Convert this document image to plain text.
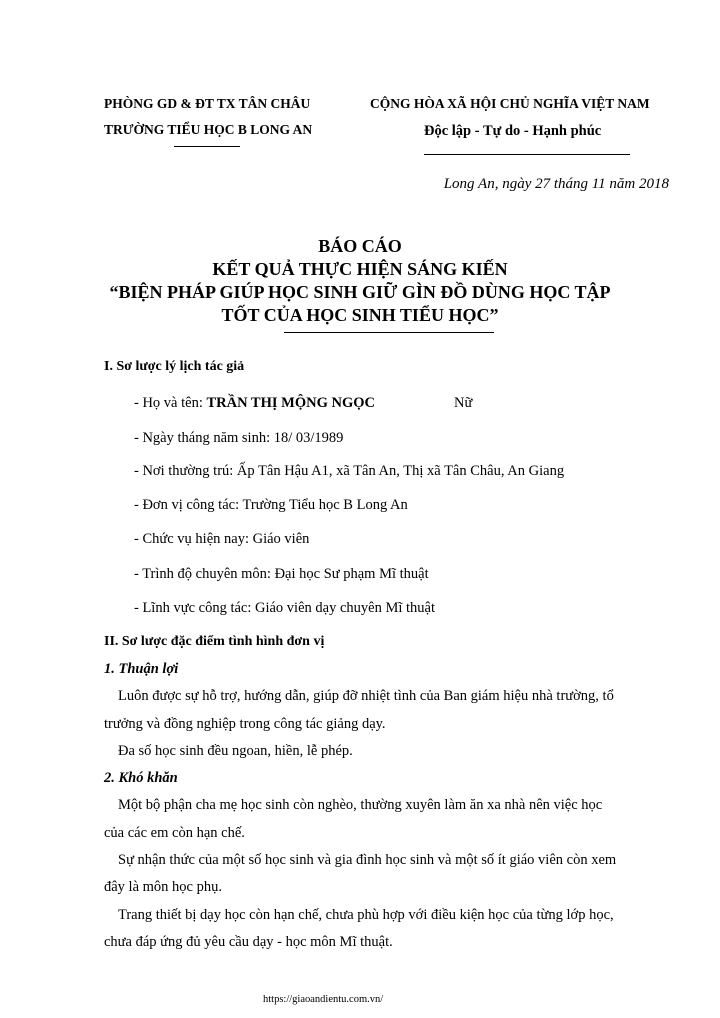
PHÒNG GD & ĐT TX TÂN CHÂU
TRƯỜNG TIỂU HỌC B LONG AN
CỘNG HÒA XÃ HỘI CHỦ NGHĨA VIỆT NAM
Độc lập - Tự do - Hạnh phúc
Long An, ngày 27 tháng 11 năm 2018
BÁO CÁO
KẾT QUẢ THỰC HIỆN SÁNG KIẾN
“BIỆN PHÁP GIÚP HỌC SINH GIỮ GÌN ĐỒ DÙNG HỌC TẬP
TỐT CỦA HỌC SINH TIỂU HỌC”
I. Sơ lược lý lịch tác giả
- Họ và tên: TRẦN THỊ MỘNG NGỌC	Nữ
- Ngày tháng năm sinh: 18/ 03/1989
- Nơi thường trú: Ấp Tân Hậu A1, xã Tân An, Thị xã Tân Châu, An Giang
- Đơn vị công tác: Trường Tiểu học B Long An
- Chức vụ hiện nay: Giáo viên
- Trình độ chuyên môn: Đại học Sư phạm Mĩ thuật
- Lĩnh vực công tác: Giáo viên dạy chuyên Mĩ thuật
II. Sơ lược đặc điểm tình hình đơn vị
1. Thuận lợi
Luôn được sự hỗ trợ, hướng dẫn, giúp đỡ nhiệt tình của Ban giám hiệu nhà trường, tổ
trưởng và đồng nghiệp trong công tác giảng dạy.
Đa số học sinh đều ngoan, hiền, lễ phép.
2. Khó khăn
Một bộ phận cha mẹ học sinh còn nghèo, thường xuyên làm ăn xa nhà nên việc học
của các em còn hạn chế.
Sự nhận thức của một số học sinh và gia đình học sinh và một số ít giáo viên còn xem
đây là môn học phụ.
Trang thiết bị dạy học còn hạn chế, chưa phù hợp với điều kiện học của từng lớp học,
chưa đáp ứng đủ yêu cầu dạy - học môn Mĩ thuật.
https://giaoandientu.com.vn/
